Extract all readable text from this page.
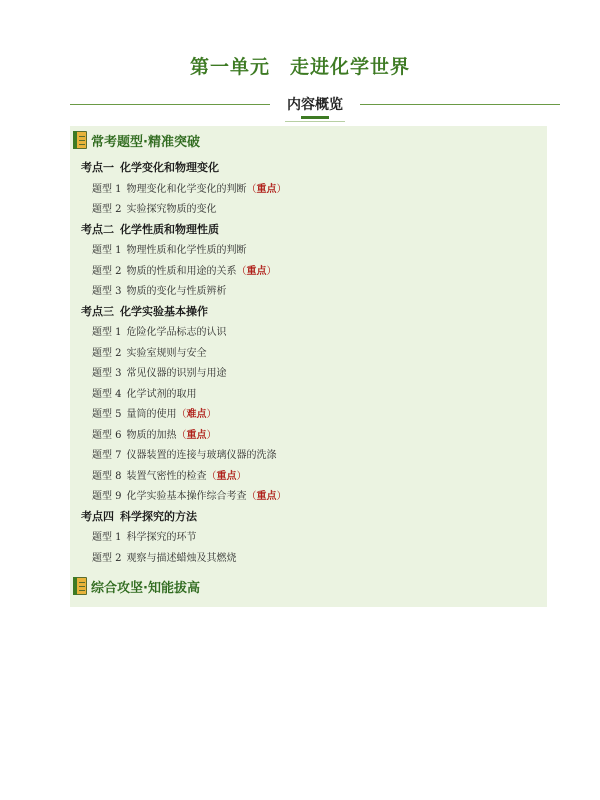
第一单元　走进化学世界
内容概览
常考题型·精准突破
考点一 化学变化和物理变化
题型 1 物理变化和化学变化的判断（重点）
题型 2 实验探究物质的变化
考点二 化学性质和物理性质
题型 1 物理性质和化学性质的判断
题型 2 物质的性质和用途的关系（重点）
题型 3 物质的变化与性质辨析
考点三 化学实验基本操作
题型 1 危险化学品标志的认识
题型 2 实验室规则与安全
题型 3 常见仪器的识别与用途
题型 4 化学试剂的取用
题型 5 量筒的使用（难点）
题型 6 物质的加热（重点）
题型 7 仪器装置的连接与玻璃仪器的洗涤
题型 8 装置气密性的检查（重点）
题型 9 化学实验基本操作综合考查（重点）
考点四 科学探究的方法
题型 1 科学探究的环节
题型 2 观察与描述蜡烛及其燃烧
综合攻坚·知能拔高
